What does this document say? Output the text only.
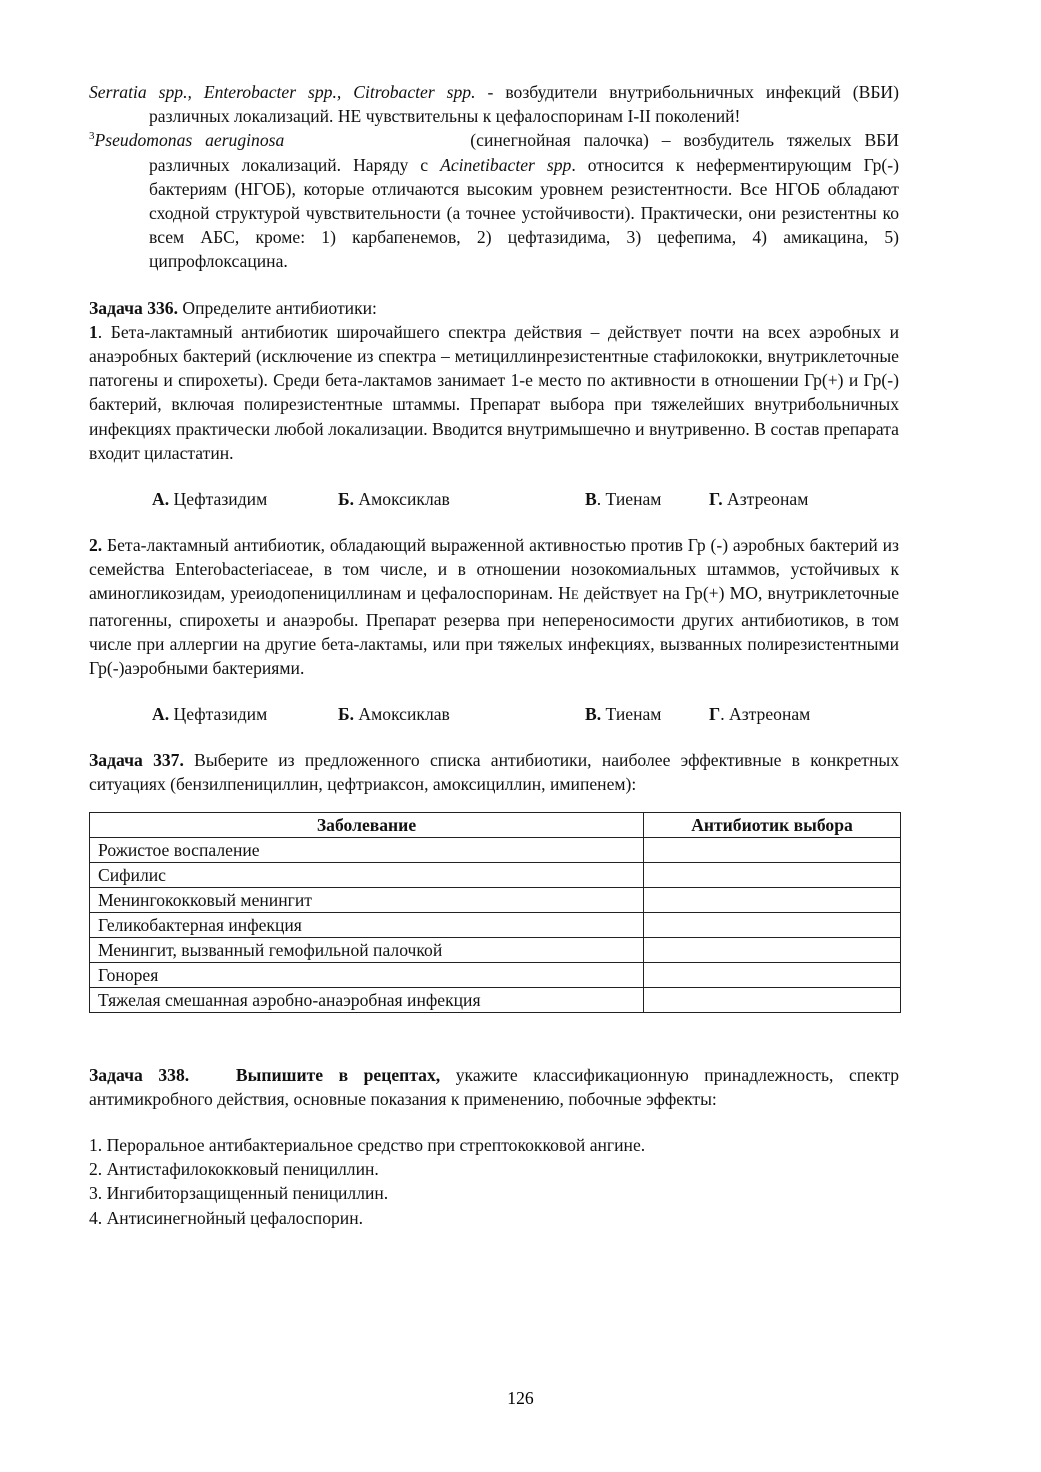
Serratia spp., Enterobacter spp., Citrobacter spp. - возбудители внутрибольничных инфекций (ВБИ) различных локализаций. НЕ чувствительны к цефалоспоринам I-II поколений!

$^3$Pseudomonas aeruginosa	(синегнойная палочка) – возбудитель тяжелых ВБИ различных локализаций. Наряду с Acinetibacter spp. относится к неферментирующим Гр(-) бактериям (НГОБ), которые отличаются высоким уровнем резистентности. Все НГОБ обладают сходной структурой чувствительности (а точнее устойчивости). Практически, они резистентны ко всем АБС, кроме: 1) карбапенемов, 2) цефтазидима, 3) цефепима, 4) амикацина, 5) ципрофлоксацина.

Задача 336. Определите антибиотики:

1. Бета-лактамный антибиотик широчайшего спектра действия – действует почти на всех аэробных и анаэробных бактерий (исключение из спектра – метициллинрезистентные стафилококки, внутриклеточные патогены и спирохеты). Среди бета-лактамов занимает 1-е место по активности в отношении Гр(+) и Гр(-) бактерий, включая полирезистентные штаммы. Препарат выбора при тяжелейших внутрибольничных инфекциях практически любой локализации. Вводится внутримышечно и внутривенно. В состав препарата входит циластатин.

А. Цефтазидим	Б. Амоксиклав	В. Тиенам	Г. Азтреонам

2. Бета-лактамный антибиотик, обладающий выраженной активностью против Гр (-) аэробных бактерий из семейства Enterobacteriaceae, в том числе, и в отношении нозокомиальных штаммов, устойчивых к аминогликозидам, уреиодопенициллинам и цефалоспоринам. НЕ действует на Гр(+) МО, внутриклеточные патогенны, спирохеты и анаэробы. Препарат резерва при непереносимости других антибиотиков, в том числе при аллергии на другие бета-лактамы, или при тяжелых инфекциях, вызванных полирезистентными Гр(-)аэробными бактериями.

А. Цефтазидим	Б. Амоксиклав	В. Тиенам	Г. Азтреонам

Задача 337. Выберите из предложенного списка антибиотики, наиболее эффективные в конкретных ситуациях (бензилпенициллин, цефтриаксон, амоксициллин, имипенем):

Заболевание	Антибиотик выбора
Рожистое воспаление	
Сифилис	
Менингококковый менингит	
Геликобактерная инфекция	
Менингит, вызванный гемофильной палочкой	
Гонорея	
Тяжелая смешанная аэробно-анаэробная инфекция	

Задача 338.	Выпишите в рецептах, укажите классификационную принадлежность, спектр антимикробного действия, основные показания к применению, побочные эффекты:

1. Пероральное антибактериальное средство при стрептококковой ангине.
2. Антистафилококковый пенициллин.
3. Ингибиторзащищенный пенициллин.
4. Антисинегнойный цефалоспорин.
126
